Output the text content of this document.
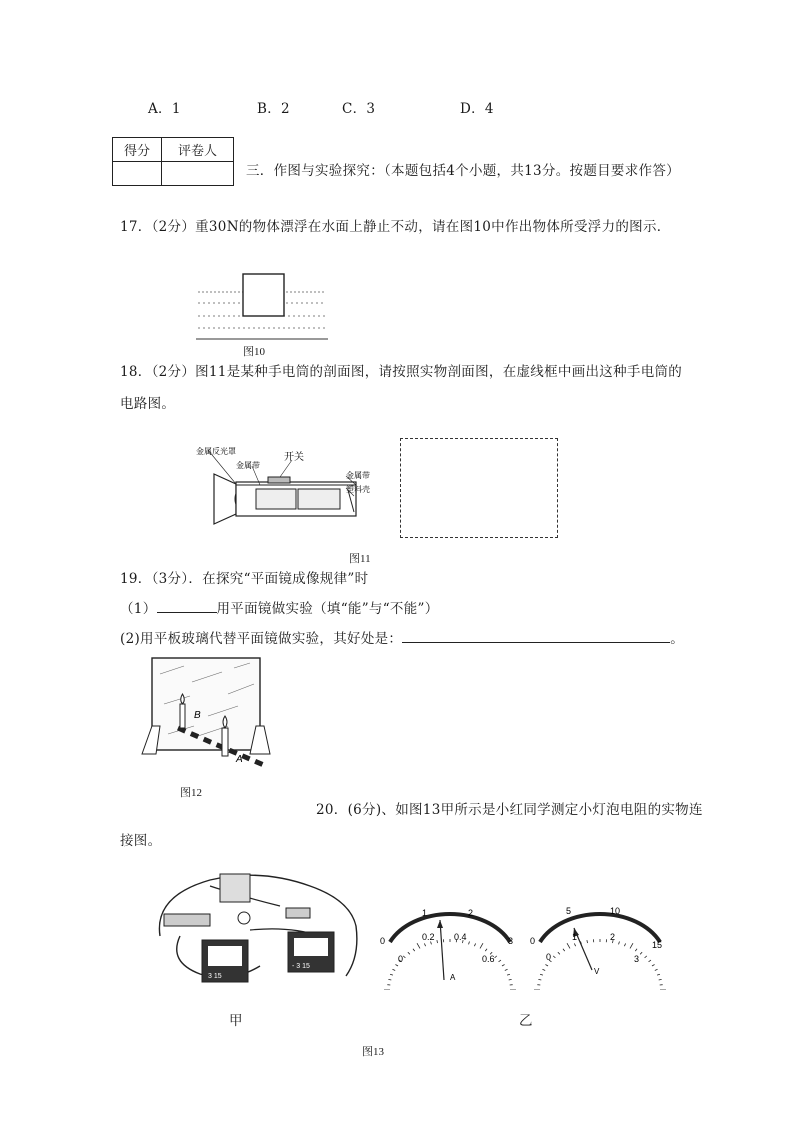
A．1	B．2	C．3	D．4
得分	评卷人

三．作图与实验探究：（本题包括4个小题，共13分。按题目要求作答）
17．（2分）重30N的物体漂浮在水面上静止不动，请在图10中作出物体所受浮力的图示．
图10
18．（2分）图11是某种手电筒的剖面图，请按照实物剖面图，在虚线框中画出这种手电筒的
电路图。
金属反光罩
金属带
开关
金属带
塑料壳
图11
19．（3分）．在探究“平面镜成像规律”时
（1）	用平面镜做实验（填“能”与“不能”）
(2)用平板玻璃代替平面镜做实验，其好处是：	。
B
A
图12
20．(6分)、如图13甲所示是小红同学测定小灯泡电阻的实物连
接图。
3 15
- 3 15
甲
0
1	2
3
0
0.2 0.4
0.6
A
0
5	10
15
0
1	2
3
V
乙
图13
